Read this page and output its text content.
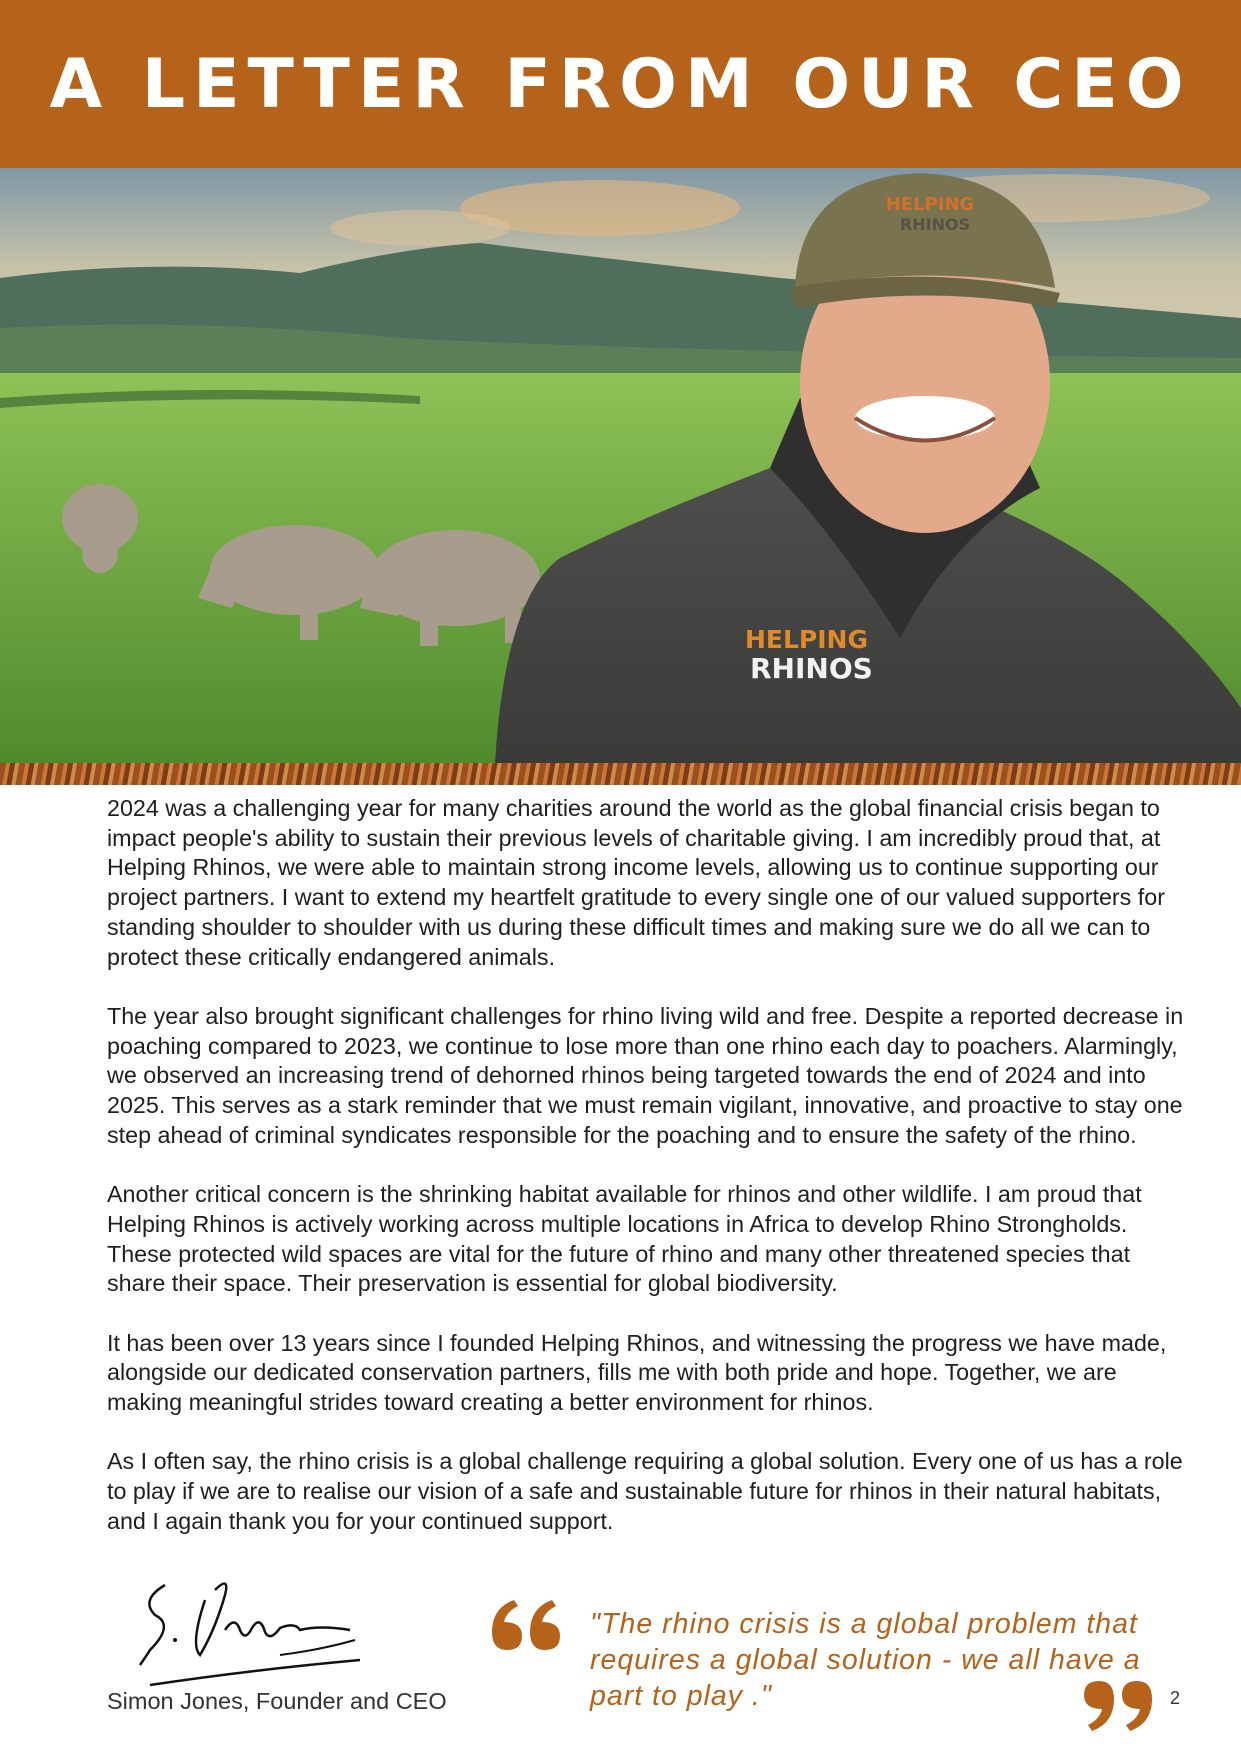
A LETTER FROM OUR CEO
HELPING
RHINOS
HELPING
RHINOS

2024 was a challenging year for many charities around the world as the global financial crisis began to impact people's ability to sustain their previous levels of charitable giving. I am incredibly proud that, at Helping Rhinos, we were able to maintain strong income levels, allowing us to continue supporting our project partners. I want to extend my heartfelt gratitude to every single one of our valued supporters for standing shoulder to shoulder with us during these difficult times and making sure we do all we can to protect these critically endangered animals.

The year also brought significant challenges for rhino living wild and free. Despite a reported decrease in poaching compared to 2023, we continue to lose more than one rhino each day to poachers. Alarmingly, we observed an increasing trend of dehorned rhinos being targeted towards the end of 2024 and into 2025. This serves as a stark reminder that we must remain vigilant, innovative, and proactive to stay one step ahead of criminal syndicates responsible for the poaching and to ensure the safety of the rhino.

Another critical concern is the shrinking habitat available for rhinos and other wildlife. I am proud that Helping Rhinos is actively working across multiple locations in Africa to develop Rhino Strongholds. These protected wild spaces are vital for the future of rhino and many other threatened species that share their space. Their preservation is essential for global biodiversity.

It has been over 13 years since I founded Helping Rhinos, and witnessing the progress we have made, alongside our dedicated conservation partners, fills me with both pride and hope. Together, we are making meaningful strides toward creating a better environment for rhinos.

As I often say, the rhino crisis is a global challenge requiring a global solution. Every one of us has a role to play if we are to realise our vision of a safe and sustainable future for rhinos in their natural habitats, and I again thank you for your continued support.

Simon Jones, Founder and CEO
"The rhino crisis is a global problem that requires a global solution - we all have a part to play ."	2
